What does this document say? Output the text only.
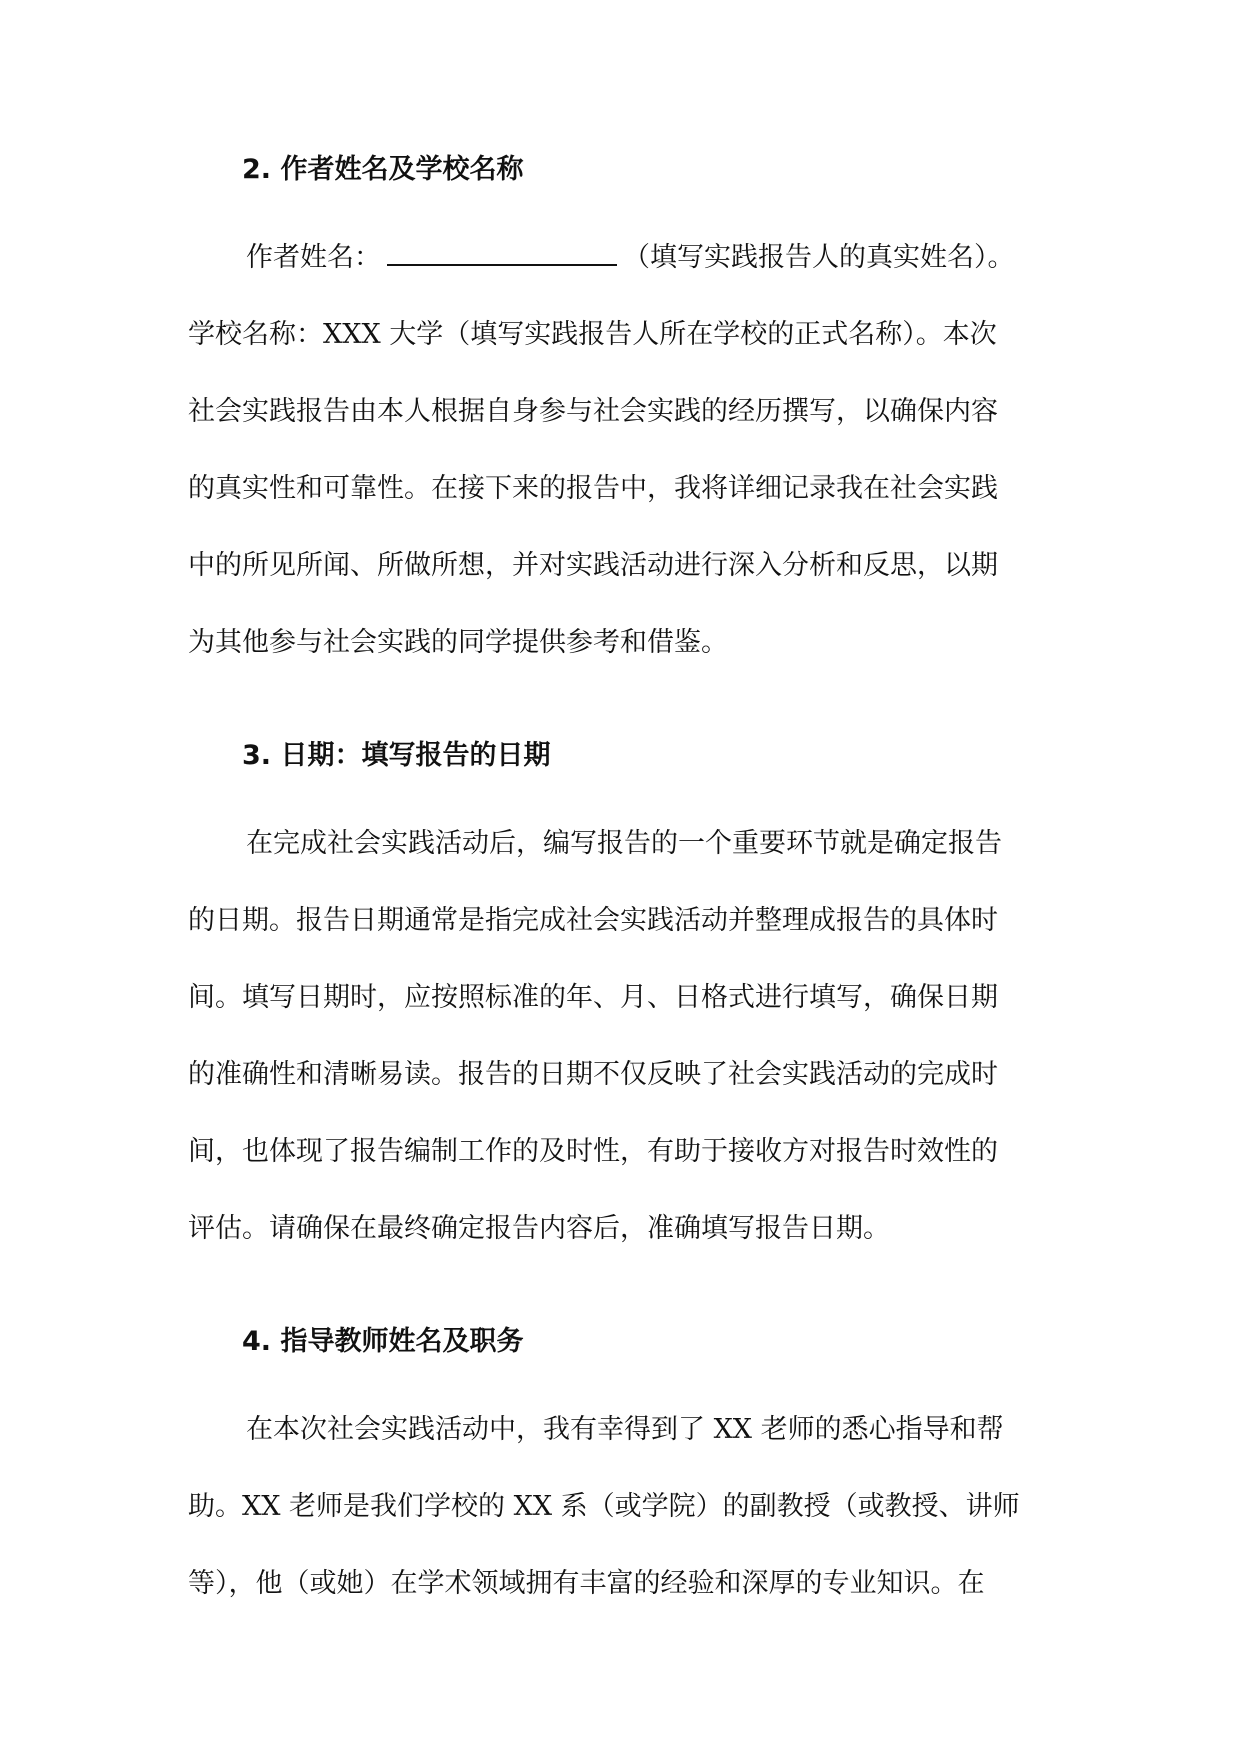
2. 作者姓名及学校名称
作者姓名：	（填写实践报告人的真实姓名）。
学校名称：XXX 大学（填写实践报告人所在学校的正式名称）。本次
社会实践报告由本人根据自身参与社会实践的经历撰写，以确保内容
的真实性和可靠性。在接下来的报告中，我将详细记录我在社会实践
中的所见所闻、所做所想，并对实践活动进行深入分析和反思，以期
为其他参与社会实践的同学提供参考和借鉴。
3. 日期：填写报告的日期
在完成社会实践活动后，编写报告的一个重要环节就是确定报告
的日期。报告日期通常是指完成社会实践活动并整理成报告的具体时
间。填写日期时，应按照标准的年、月、日格式进行填写，确保日期
的准确性和清晰易读。报告的日期不仅反映了社会实践活动的完成时
间，也体现了报告编制工作的及时性，有助于接收方对报告时效性的
评估。请确保在最终确定报告内容后，准确填写报告日期。
4. 指导教师姓名及职务
在本次社会实践活动中，我有幸得到了 XX 老师的悉心指导和帮
助。XX 老师是我们学校的 XX 系（或学院）的副教授（或教授、讲师
等），他（或她）在学术领域拥有丰富的经验和深厚的专业知识。在
